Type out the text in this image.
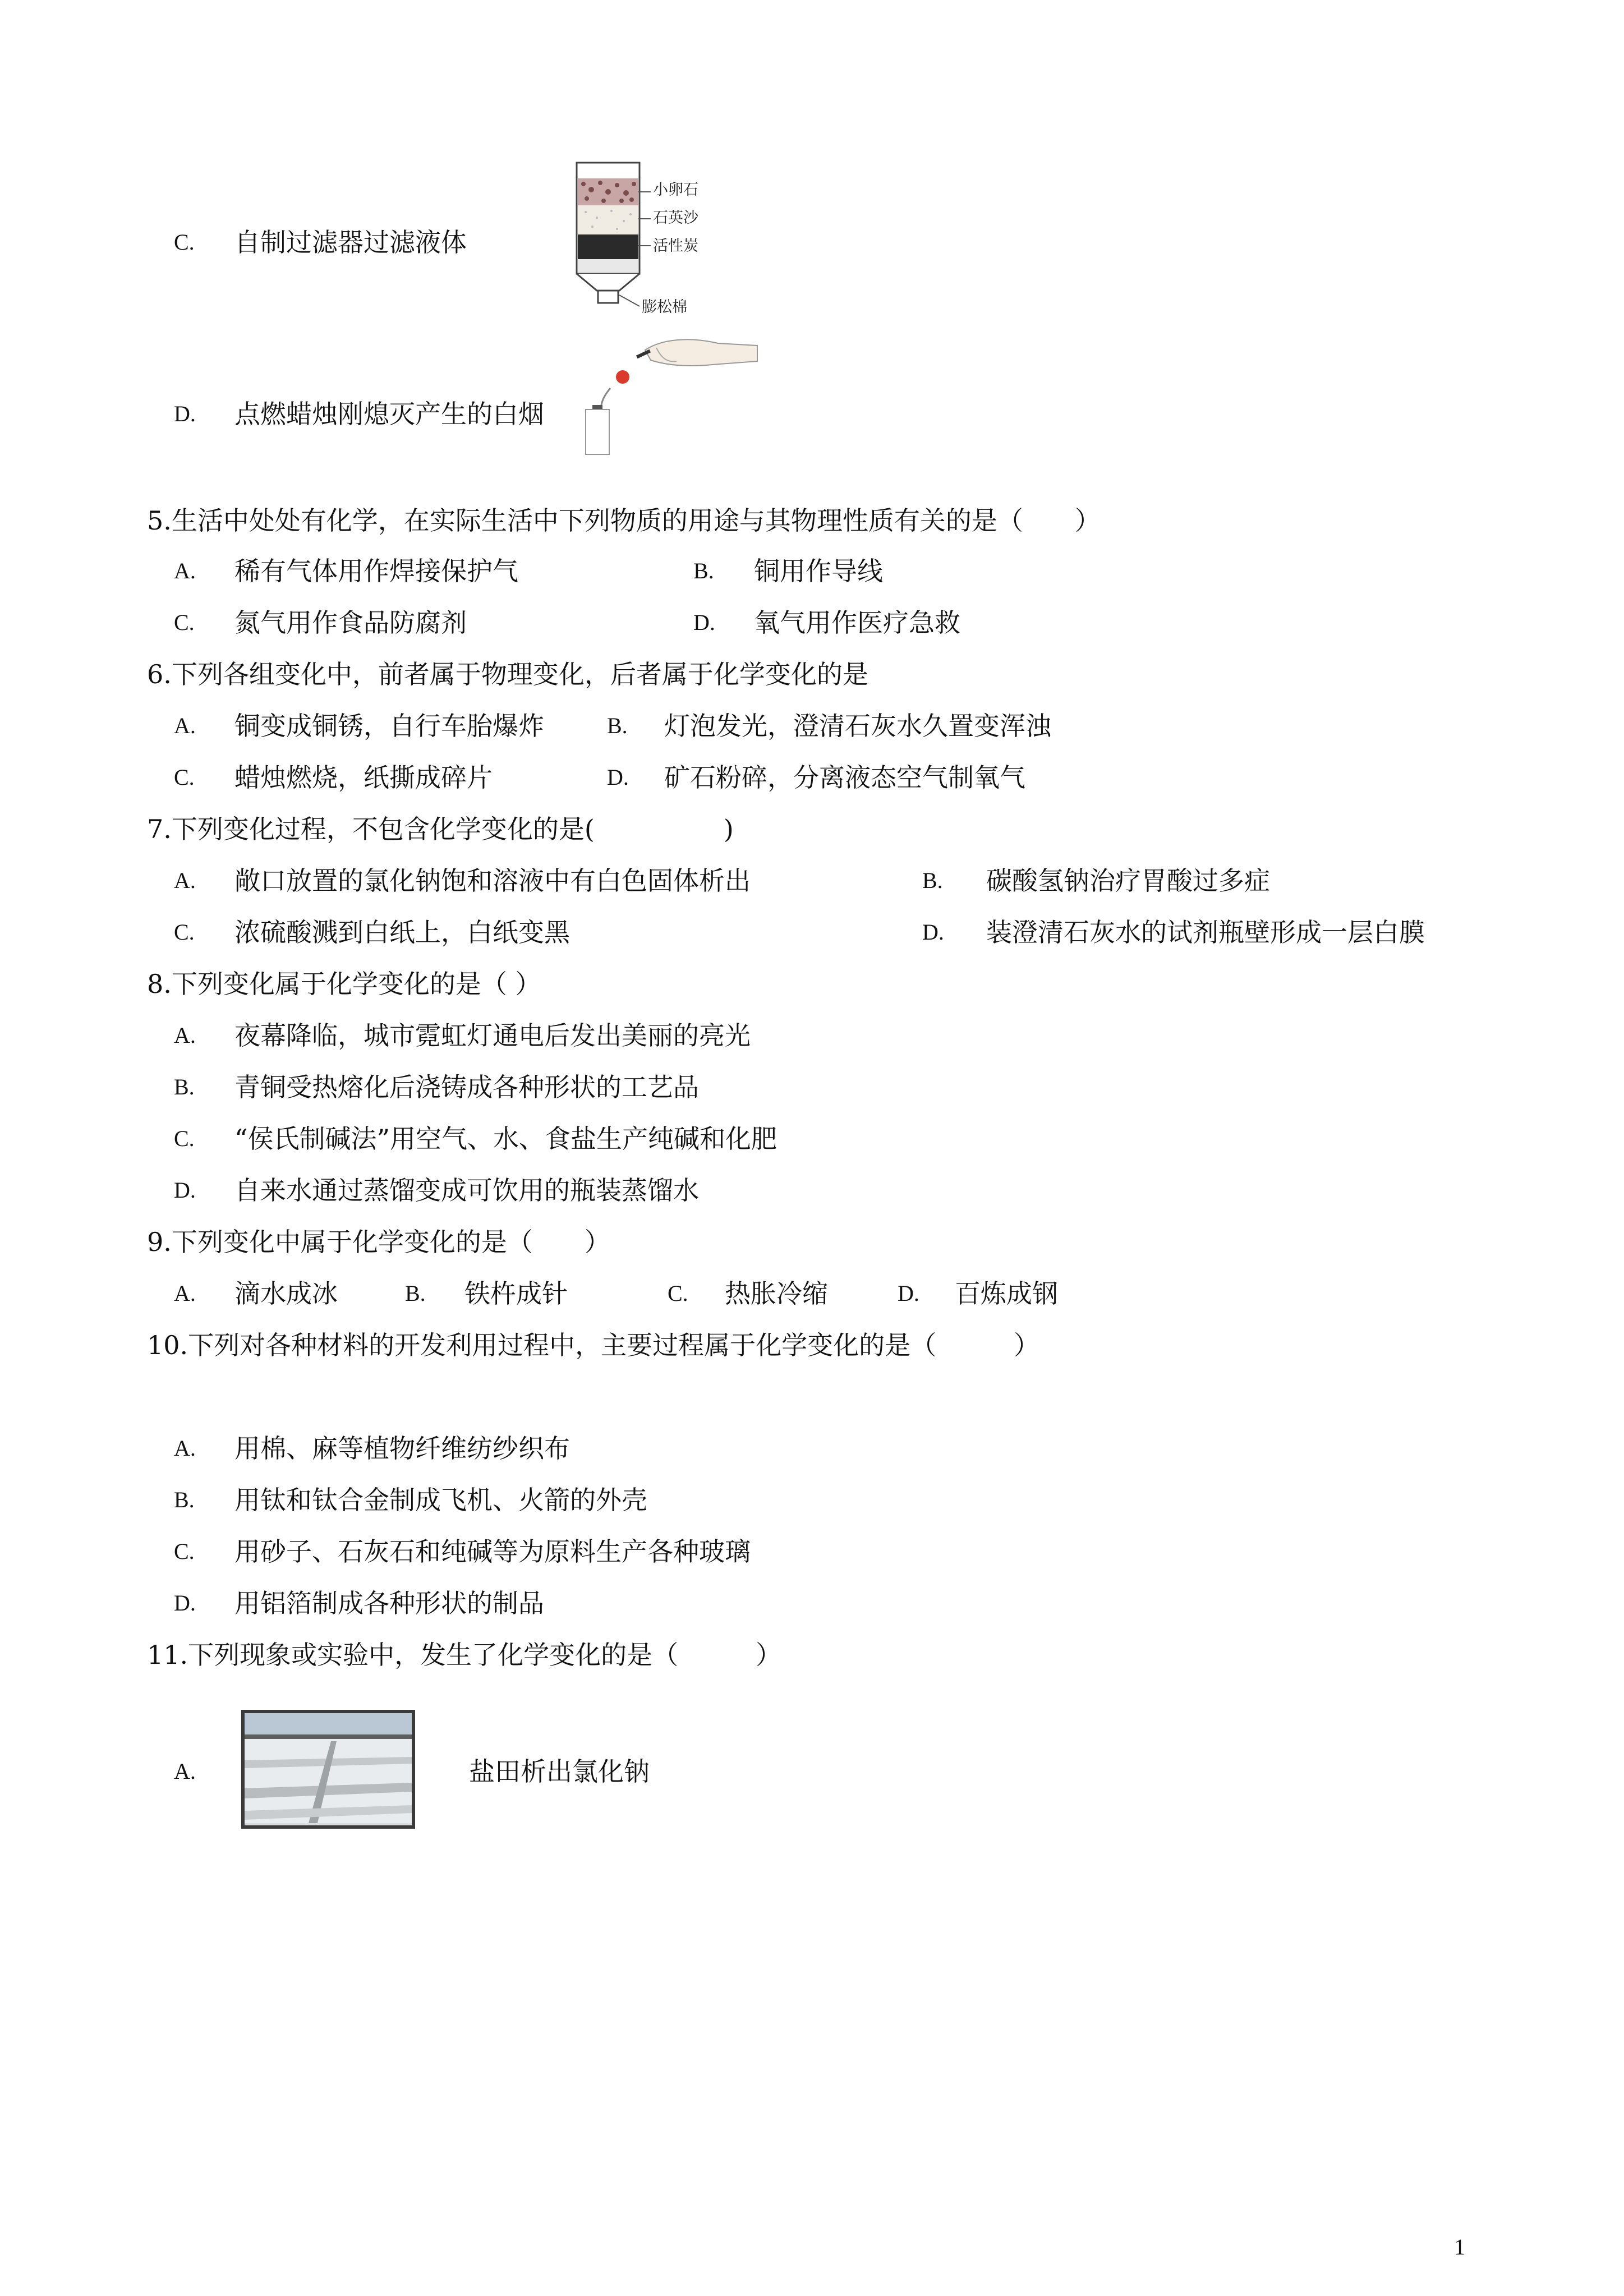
C. 自制过滤器过滤液体
小卵石
石英沙
活性炭
膨松棉
D. 点燃蜡烛刚熄灭产生的白烟
5.生活中处处有化学，在实际生活中下列物质的用途与其物理性质有关的是（　　）
A. 稀有气体用作焊接保护气	B. 铜用作导线
C. 氮气用作食品防腐剂	D. 氧气用作医疗急救
6.下列各组变化中，前者属于物理变化，后者属于化学变化的是
A. 铜变成铜锈，自行车胎爆炸	B. 灯泡发光，澄清石灰水久置变浑浊
C. 蜡烛燃烧，纸撕成碎片	D. 矿石粉碎，分离液态空气制氧气
7.下列变化过程，不包含化学变化的是(　　　　　)
A. 敞口放置的氯化钠饱和溶液中有白色固体析出	B. 碳酸氢钠治疗胃酸过多症
C. 浓硫酸溅到白纸上，白纸变黑	D. 装澄清石灰水的试剂瓶壁形成一层白膜
8.下列变化属于化学变化的是（ ）
A. 夜幕降临，城市霓虹灯通电后发出美丽的亮光
B. 青铜受热熔化后浇铸成各种形状的工艺品
C. “侯氏制碱法”用空气、水、食盐生产纯碱和化肥
D. 自来水通过蒸馏变成可饮用的瓶装蒸馏水
9.下列变化中属于化学变化的是（　　）
A. 滴水成冰	B. 铁杵成针	C. 热胀冷缩	D. 百炼成钢
10.下列对各种材料的开发利用过程中，主要过程属于化学变化的是（　　　）
A. 用棉、麻等植物纤维纺纱织布
B. 用钛和钛合金制成飞机、火箭的外壳
C. 用砂子、石灰石和纯碱等为原料生产各种玻璃
D. 用铝箔制成各种形状的制品
11.下列现象或实验中，发生了化学变化的是（　　　）
A.	盐田析出氯化钠
1
